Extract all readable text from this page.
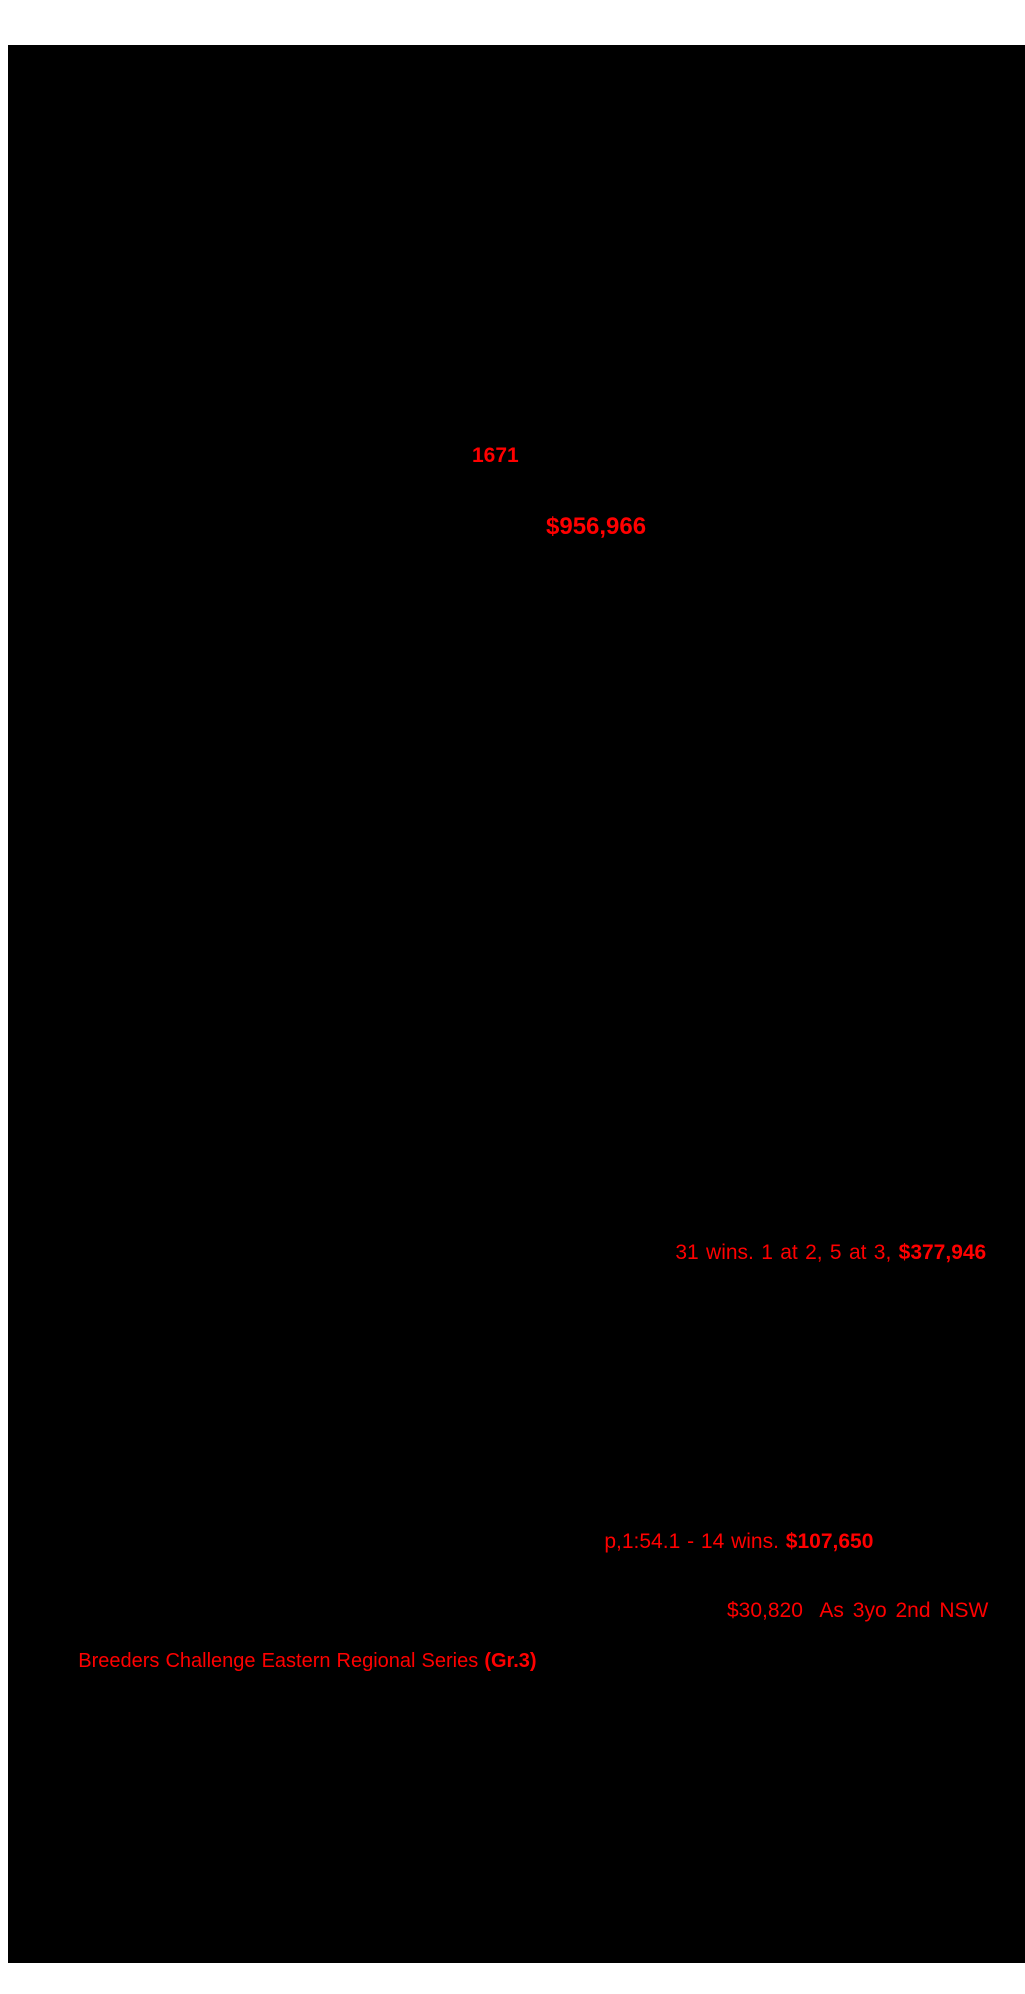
1671
$956,966

31 wins. 1 at 2, 5 at 3, $377,946

p,1:54.1 - 14 wins. $107,650

$30,820  As 3yo 2nd NSW

Breeders Challenge Eastern Regional Series (Gr.3)
